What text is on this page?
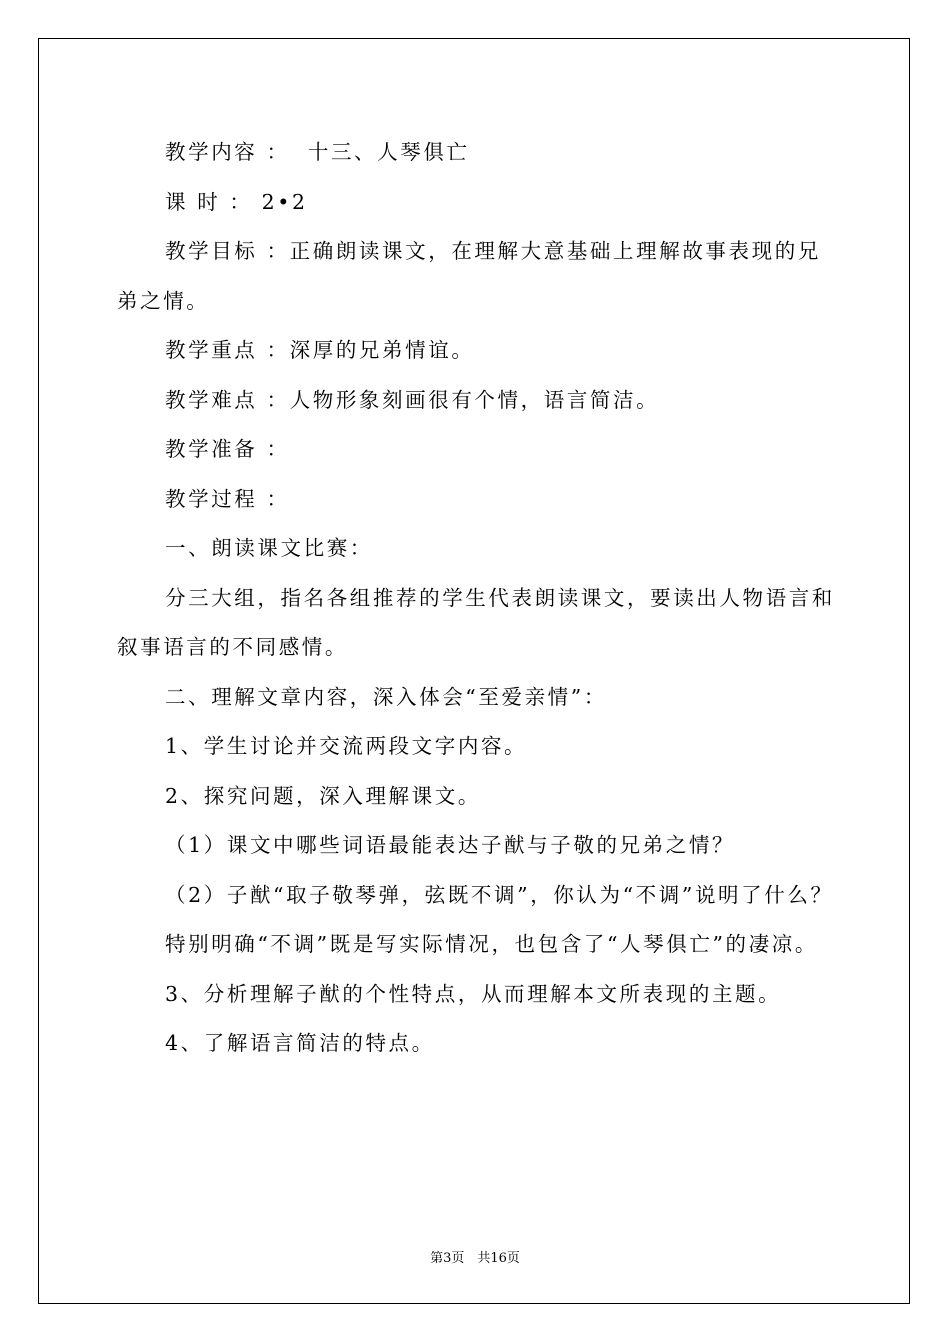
教学内容 ：  十三、人琴俱亡

课 时 ： 2•2

教学目标 ：正确朗读课文，在理解大意基础上理解故事表现的兄弟之情。

教学重点 ：深厚的兄弟情谊。

教学难点 ：人物形象刻画很有个情，语言简洁。

教学准备 ：

教学过程 ：

一、朗读课文比赛：

分三大组，指名各组推荐的学生代表朗读课文，要读出人物语言和叙事语言的不同感情。

二、理解文章内容，深入体会“至爱亲情”：

1、学生讨论并交流两段文字内容。

2、探究问题，深入理解课文。

（1）课文中哪些词语最能表达子猷与子敬的兄弟之情？

（2）子猷“取子敬琴弹，弦既不调”，你认为“不调”说明了什么？

特别明确“不调”既是写实际情况，也包含了“人琴俱亡”的凄凉。

3、分析理解子猷的个性特点，从而理解本文所表现的主题。

4、了解语言简洁的特点。

第3页　共16页
